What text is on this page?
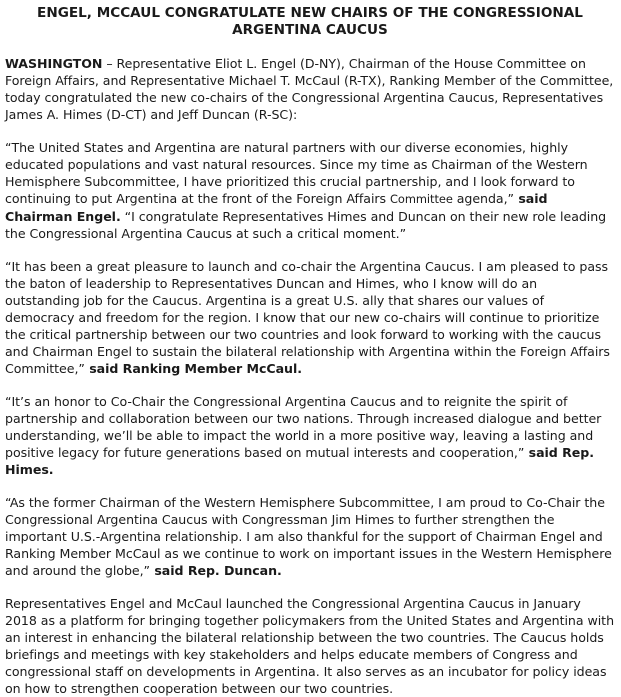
ENGEL, MCCAUL CONGRATULATE NEW CHAIRS OF THE CONGRESSIONAL ARGENTINA CAUCUS

WASHINGTON – Representative Eliot L. Engel (D-NY), Chairman of the House Committee on Foreign Affairs, and Representative Michael T. McCaul (R-TX), Ranking Member of the Committee, today congratulated the new co-chairs of the Congressional Argentina Caucus, Representatives James A. Himes (D-CT) and Jeff Duncan (R-SC):

“The United States and Argentina are natural partners with our diverse economies, highly educated populations and vast natural resources. Since my time as Chairman of the Western Hemisphere Subcommittee, I have prioritized this crucial partnership, and I look forward to continuing to put Argentina at the front of the Foreign Affairs Committee agenda,” said Chairman Engel. “I congratulate Representatives Himes and Duncan on their new role leading the Congressional Argentina Caucus at such a critical moment.”

“It has been a great pleasure to launch and co-chair the Argentina Caucus. I am pleased to pass the baton of leadership to Representatives Duncan and Himes, who I know will do an outstanding job for the Caucus. Argentina is a great U.S. ally that shares our values of democracy and freedom for the region. I know that our new co-chairs will continue to prioritize the critical partnership between our two countries and look forward to working with the caucus and Chairman Engel to sustain the bilateral relationship with Argentina within the Foreign Affairs Committee,” said Ranking Member McCaul.

“It’s an honor to Co-Chair the Congressional Argentina Caucus and to reignite the spirit of partnership and collaboration between our two nations. Through increased dialogue and better understanding, we’ll be able to impact the world in a more positive way, leaving a lasting and positive legacy for future generations based on mutual interests and cooperation,” said Rep. Himes.

“As the former Chairman of the Western Hemisphere Subcommittee, I am proud to Co-Chair the Congressional Argentina Caucus with Congressman Jim Himes to further strengthen the important U.S.-Argentina relationship. I am also thankful for the support of Chairman Engel and Ranking Member McCaul as we continue to work on important issues in the Western Hemisphere and around the globe,” said Rep. Duncan.

Representatives Engel and McCaul launched the Congressional Argentina Caucus in January 2018 as a platform for bringing together policymakers from the United States and Argentina with an interest in enhancing the bilateral relationship between the two countries. The Caucus holds briefings and meetings with key stakeholders and helps educate members of Congress and congressional staff on developments in Argentina. It also serves as an incubator for policy ideas on how to strengthen cooperation between our two countries.
